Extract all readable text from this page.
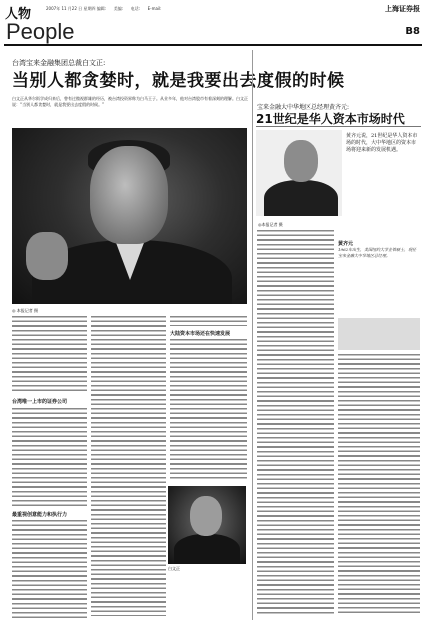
人物	2007年 11 月22 日 星期四 编辑:      美编:      电话:      E-mail:	上海证券报
People	B8
台湾宝来金融集团总裁白文正:
当别人都贪婪时，就是我要出去度假的时候
白文正从华尔街学成归来后，曾有过傲视群雄的经历，被台湾投资界称为白马王子。从业多年，他对台湾股市有着深刻的理解。白文正说：“当别人都贪婪时，就是我要出去度假的时候。”
◎ 本报记者 摄
台湾唯一上市的证券公司
最重视创意能力和执行力
大陆资本市场还在快速发展
白文正
宝来金融大中华地区总经理黄齐元:
21世纪是华人资本市场时代
黄齐元说，21世纪是华人资本市场的时代，大中华地区的资本市场将迎来新的发展机遇。
◎本报记者 摄
黄齐元
1962年出生，美国纽约大学企管硕士，现任宝来金融大中华地区总经理。
